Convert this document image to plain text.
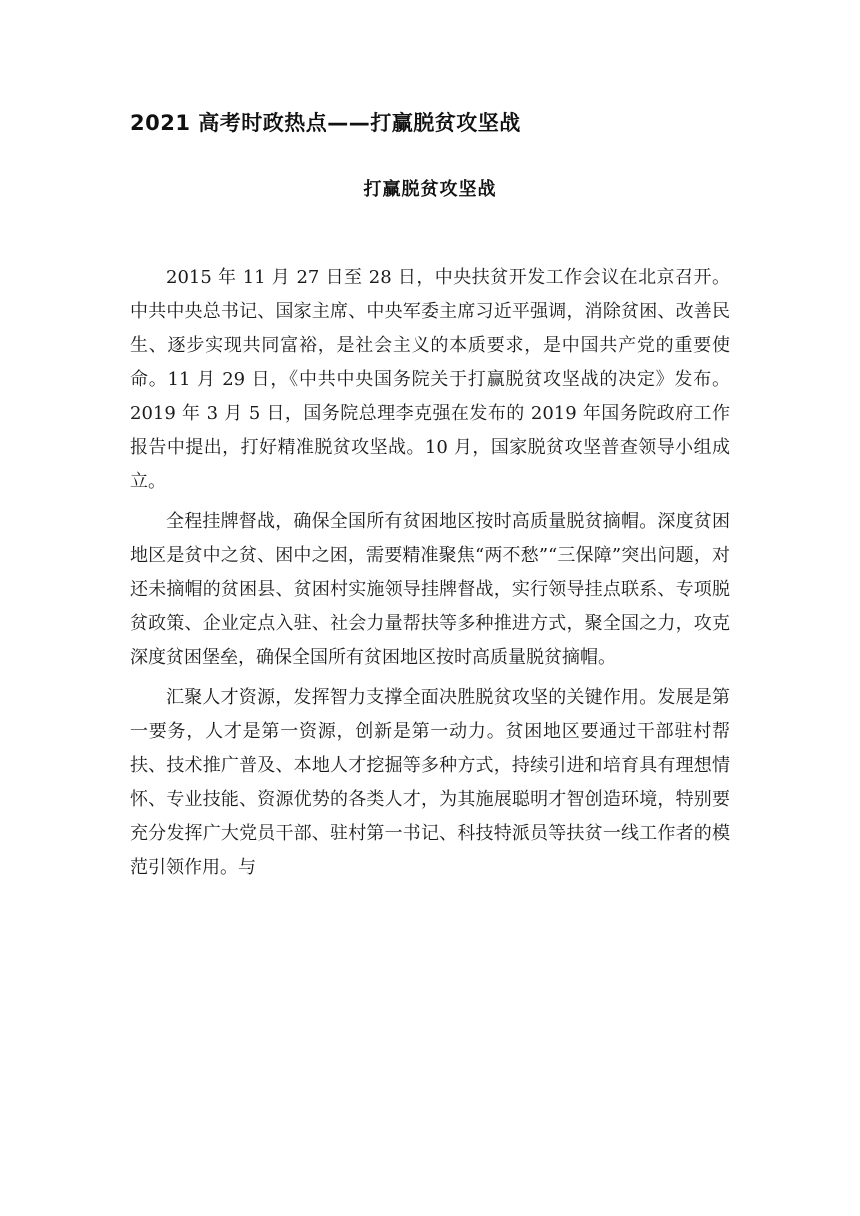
2021 高考时政热点——打赢脱贫攻坚战
打赢脱贫攻坚战

2015 年 11 月 27 日至 28 日，中央扶贫开发工作会议在北京召开。中共中央总书记、国家主席、中央军委主席习近平强调，消除贫困、改善民生、逐步实现共同富裕，是社会主义的本质要求，是中国共产党的重要使命。11 月 29 日，《中共中央国务院关于打赢脱贫攻坚战的决定》发布。2019 年 3 月 5 日，国务院总理李克强在发布的 2019 年国务院政府工作报告中提出，打好精准脱贫攻坚战。10 月，国家脱贫攻坚普查领导小组成立。

全程挂牌督战，确保全国所有贫困地区按时高质量脱贫摘帽。深度贫困地区是贫中之贫、困中之困，需要精准聚焦“两不愁”“三保障”突出问题，对还未摘帽的贫困县、贫困村实施领导挂牌督战，实行领导挂点联系、专项脱贫政策、企业定点入驻、社会力量帮扶等多种推进方式，聚全国之力，攻克深度贫困堡垒，确保全国所有贫困地区按时高质量脱贫摘帽。

汇聚人才资源，发挥智力支撑全面决胜脱贫攻坚的关键作用。发展是第一要务，人才是第一资源，创新是第一动力。贫困地区要通过干部驻村帮扶、技术推广普及、本地人才挖掘等多种方式，持续引进和培育具有理想情怀、专业技能、资源优势的各类人才，为其施展聪明才智创造环境，特别要充分发挥广大党员干部、驻村第一书记、科技特派员等扶贫一线工作者的模范引领作用。与
